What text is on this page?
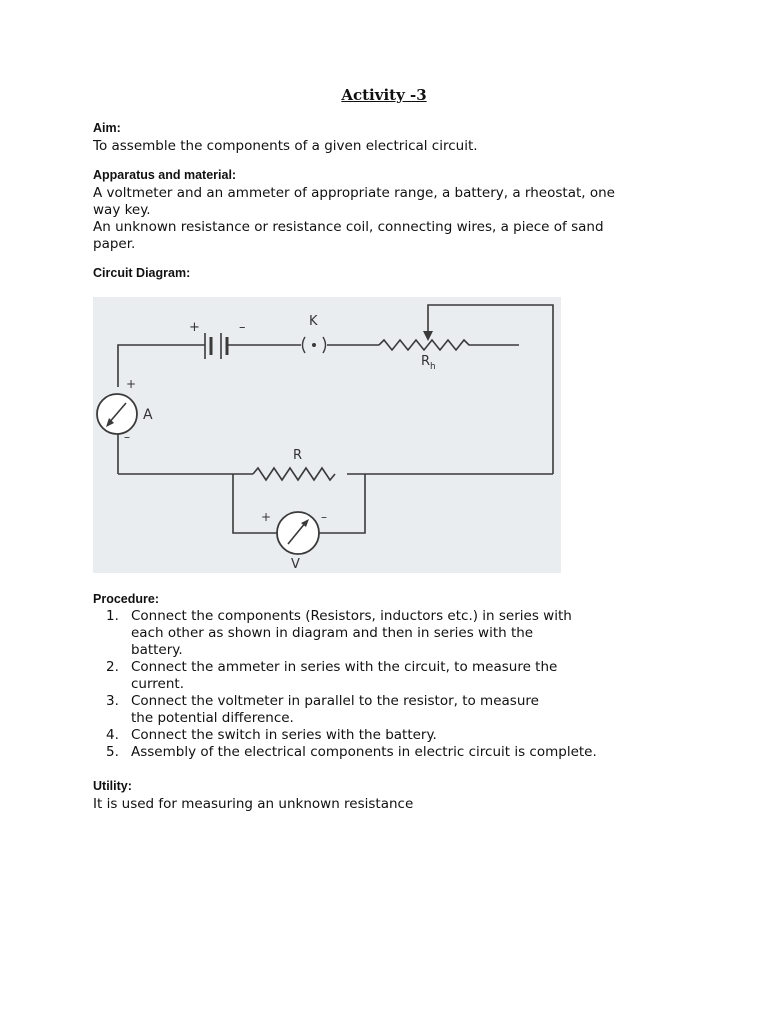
Activity -3
Aim:
To assemble the components of a given electrical circuit.
Apparatus and material:
A voltmeter and an ammeter of appropriate range, a battery, a rheostat, one
way key.
An unknown resistance or resistance coil, connecting wires, a piece of sand
paper.
Circuit Diagram:
+	–	K
$R_h$
+
A
–
R
+	–
V
Procedure:
1. Connect the components (Resistors, inductors etc.) in series with
each other as shown in diagram and then in series with the
battery.
2. Connect the ammeter in series with the circuit, to measure the
current.
3. Connect the voltmeter in parallel to the resistor, to measure
the potential difference.
4. Connect the switch in series with the battery.
5. Assembly of the electrical components in electric circuit is complete.
Utility:
It is used for measuring an unknown resistance
